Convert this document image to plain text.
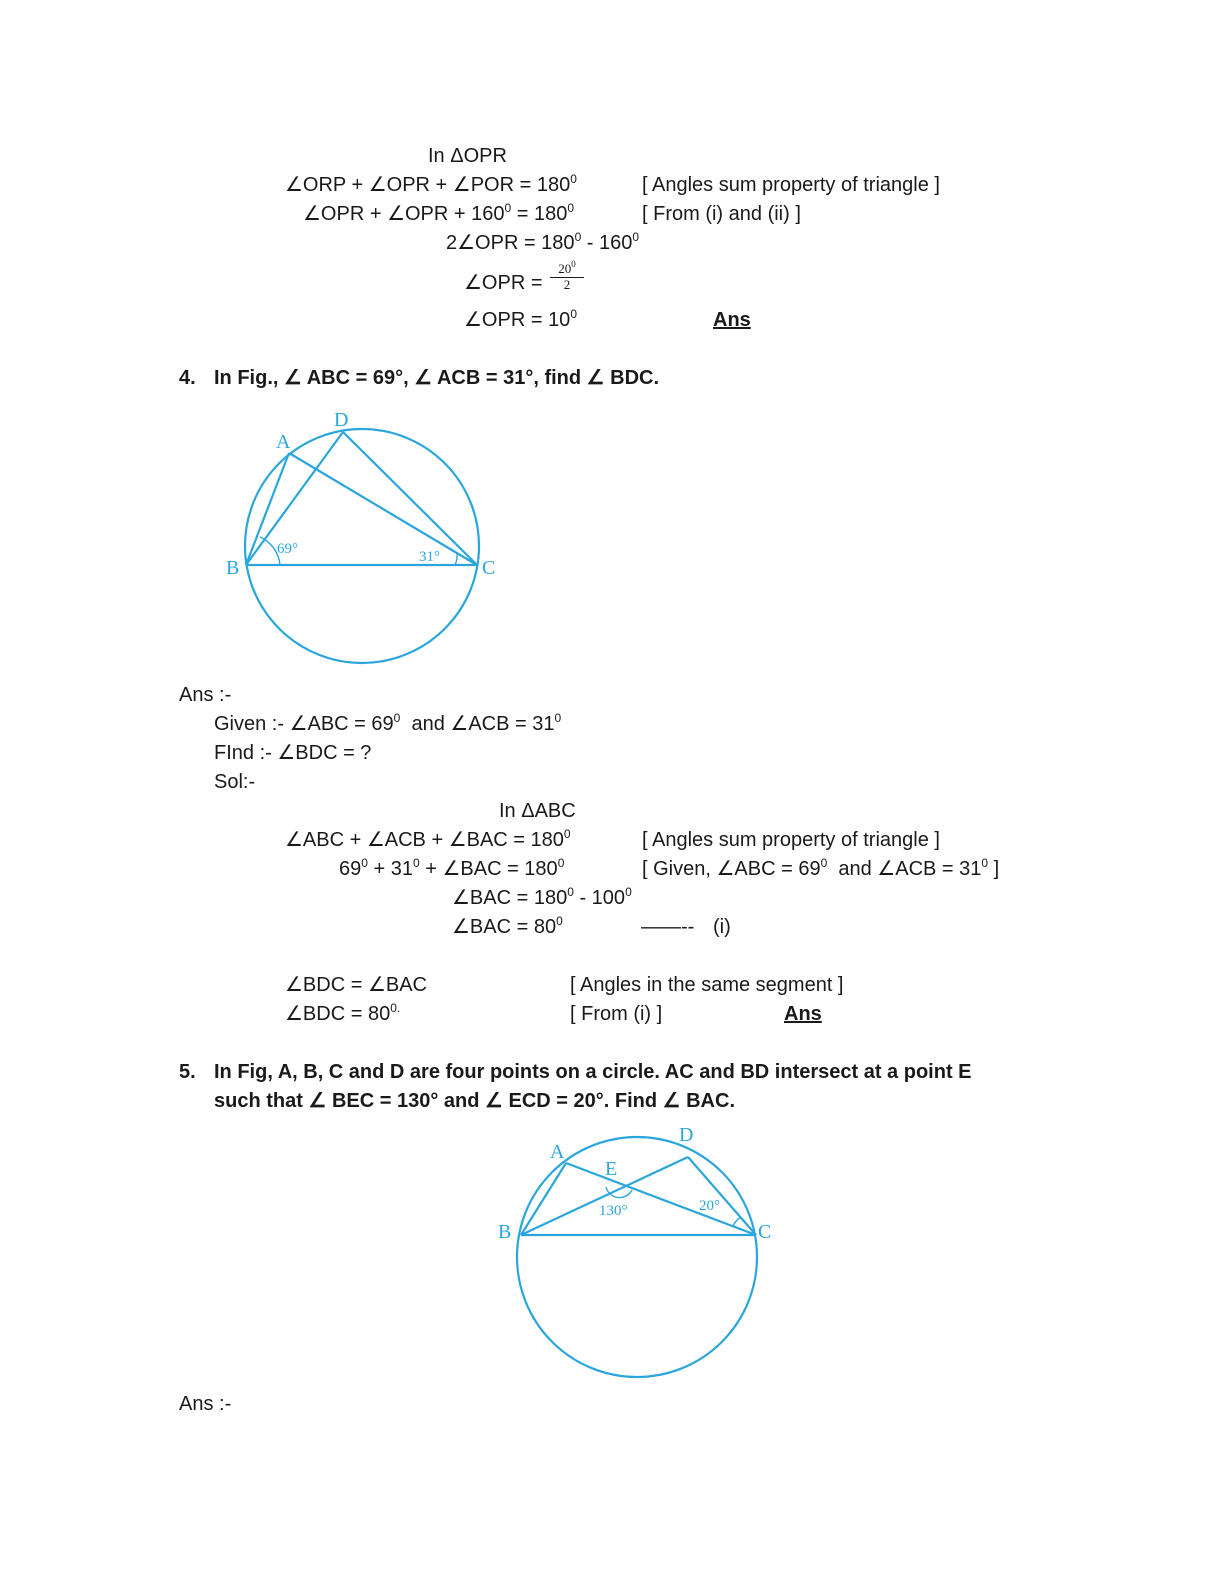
In ΔOPR
∠ORP + ∠OPR + ∠POR = $180^0$	[ Angles sum property of triangle ]
∠OPR + ∠OPR + $160^0 = 180^0$	[ From (i) and (ii) ]
2∠OPR = $180^0 - 160^0$
∠OPR = $\frac{20^0}{2}$
∠OPR = $10^0$	Ans
4. In Fig., ∠ ABC = 69°, ∠ ACB = 31°, find ∠ BDC.
A
D
B	C
69°	31°
Ans :-
Given :- ∠ABC = $69^0$  and ∠ACB = $31^0$
FInd :- ∠BDC = ?
Sol:-
In ΔABC
∠ABC + ∠ACB + ∠BAC = $180^0$	[ Angles sum property of triangle ]
$69^0 + 31^0$ + ∠BAC = $180^0$	[ Given, ∠ABC = $69^0$  and ∠ACB = $31^0$ ]
∠BAC = $180^0 - 100^0$
∠BAC = $80^0$	——-- (i)
∠BDC = ∠BAC	[ Angles in the same segment ]
∠BDC = $80^{0.}$	[ From (i) ]	Ans
5. In Fig, A, B, C and D are four points on a circle. AC and BD intersect at a point E
such that ∠ BEC = 130° and ∠ ECD = 20°. Find ∠ BAC.
A
D
E
B	C
130°	20°
Ans :-
